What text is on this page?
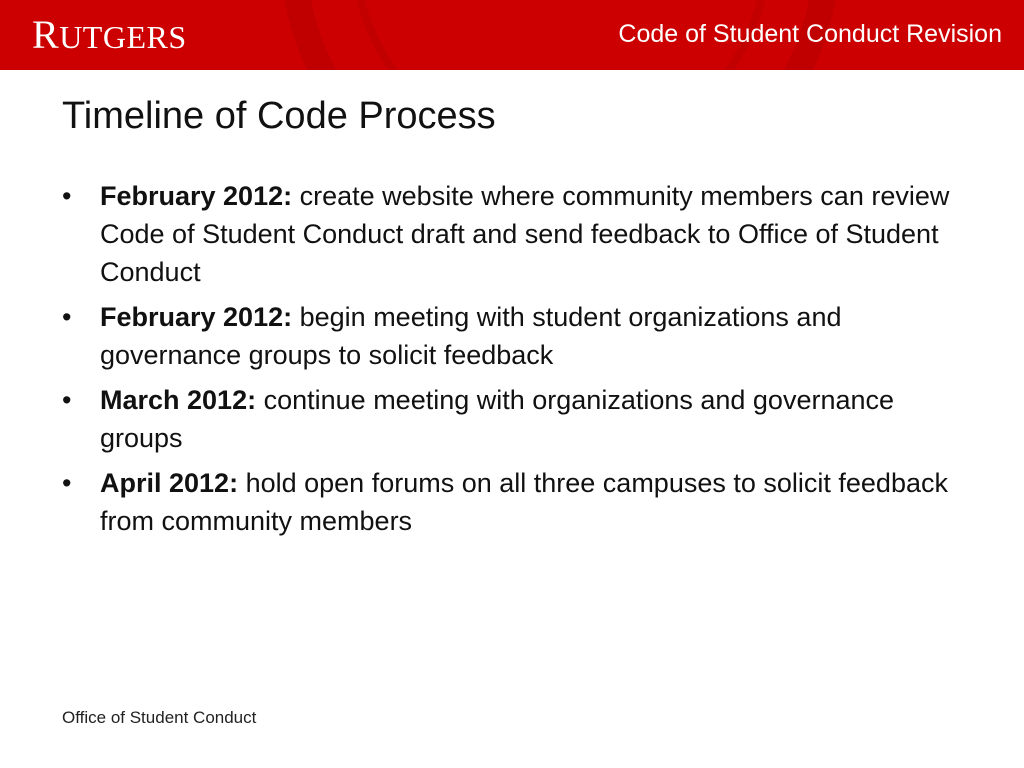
RUTGERS	Code of Student Conduct Revision
Timeline of Code Process
•	February 2012: create website where community members can review Code of Student Conduct draft and send feedback to Office of Student Conduct
•	February 2012: begin meeting with student organizations and governance groups to solicit feedback
•	March 2012: continue meeting with organizations and governance groups
•	April 2012: hold open forums on all three campuses to solicit feedback from community members
Office of Student Conduct
